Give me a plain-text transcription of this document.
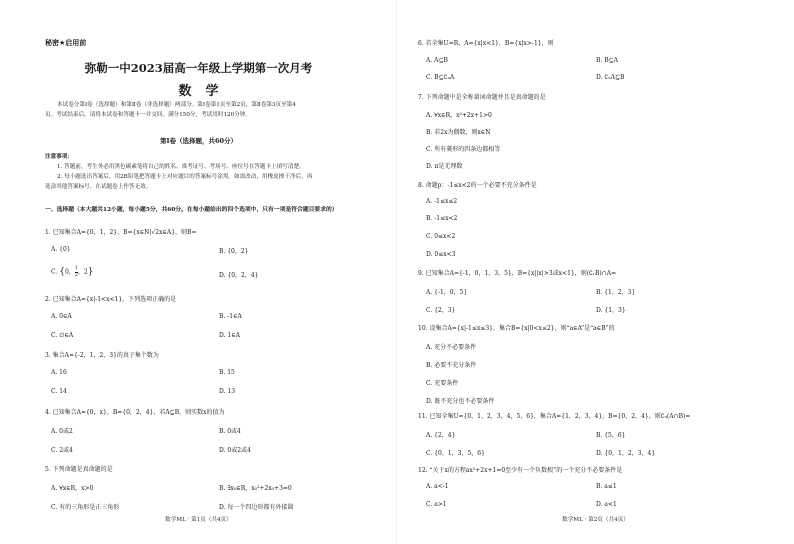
秘密★启用前
弥勒一中2023届高一年级上学期第一次月考
数学
本试卷分第Ⅰ卷（选择题）和第Ⅱ卷（非选择题）两部分。第Ⅰ卷第1页至第2页，第Ⅱ卷第3页至第4
页。考试结束后，请将本试卷和答题卡一并交回。满分150分，考试用时120分钟。
第Ⅰ卷（选择题，共60分）
注意事项：
1. 答题前，考生务必用黑色碳素笔将自己的姓名、准考证号、考场号、座位号在答题卡上填写清楚。
2. 每小题选出答案后，用2B铅笔把答题卡上对应题目的答案标号涂黑。如需改动，用橡皮擦干净后，再
选涂其他答案标号。在试题卷上作答无效。
一、选择题（本大题共12小题，每小题5分，共60分。在每小题给出的四个选项中，只有一项是符合题目要求的）
1. 已知集合A={0，1，2}，B={x∈N|√2x∈A}，则B=
A. {0}	B. {0，2}
C. {0， $\frac{1}{2}$ ，2}	D. {0，2，4}
2. 已知集合A={x|-1<x<1}，下列选项正确的是
A. 0∈A	B. -1∈A
C. ∅∈A	D. 1∈A
3. 集合A={-2，1，2，3}的真子集个数为
A. 16	B. 15
C. 14	D. 13
4. 已知集合A={0，x}，B={0，2，4}，若A⊆B，则实数x的值为
A. 0或2	B. 0或4
C. 2或4	D. 0或2或4
5. 下列命题是真命题的是
A. ∀x∈R，x>0	B. ∃x₀∈R，x₀²+2x₀+3=0
C. 有的三角形是正三角形	D. 每一个四边形都有外接圆
数学ML · 第1页（共4页）
6. 若全集U=R，A={x|x<1}，B={x|x>-1}，则
A. A⊆B	B. B⊆A
C. B⊆∁ᵤA	D. ∁ᵤA⊆B
7. 下列命题中是全称量词命题并且是真命题的是
A. ∀x∈R，x²+2x+1>0
B. 若2x为偶数，则x∈N
C. 所有菱形的四条边都相等
D. π是无理数
8. 命题p：-1≤x<2的一个必要不充分条件是
A. -1≤x≤2
B. -1≤x<2
C. 0≤x<2
D. 0≤x<3
9. 已知集合A={-1，0，1，3，5}，B={x||x|>3或x<1}，则(∁ᵣB)∩A=
A. {-1，0，5}	B. {1，2，3}
C. {2，3}	D. {1，3}
10. 设集合A={x|-1≤x≤3}，集合B={x|0<x≤2}，则“a∈A”是“a∈B”的
A. 充分不必要条件
B. 必要不充分条件
C. 充要条件
D. 既不充分也不必要条件
11. 已知全集U={0，1，2，3，4，5，6}，集合A={1，2，3，4}，B={0，2，4}，则∁ᵤ(A∩B)=
A. {2，4}	B. {5，6}
C. {0，1，3，5，6}	D. {0，1，2，3，4}
12. “关于x的方程ax²+2x+1=0至少有一个负数根”的一个充分不必要条件是
A. a<-1	B. a≤1
C. a>1	D. a<1
数学ML · 第2页（共4页）
